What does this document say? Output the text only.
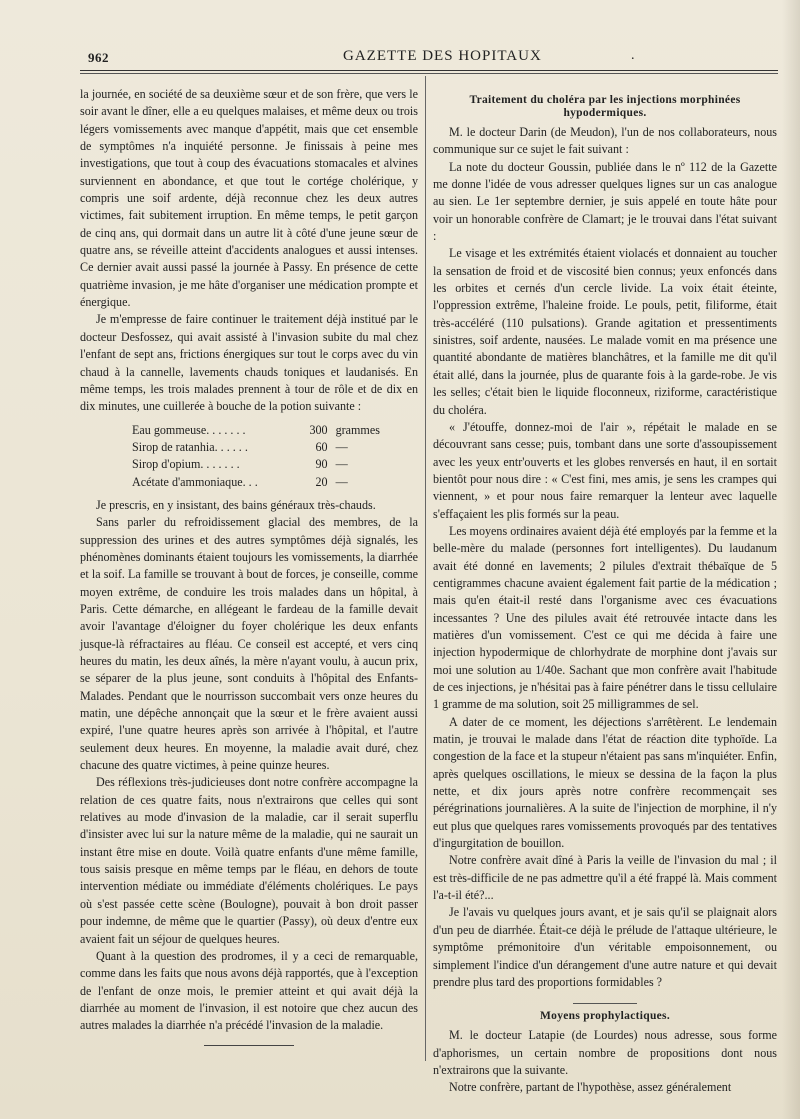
962	GAZETTE DES HOPITAUX	.

la journée, en société de sa deuxième sœur et de son frère, que vers le soir avant le dîner, elle a eu quelques malaises, et même deux ou trois légers vomissements avec manque d'appétit, mais que cet ensemble de symptômes n'a inquiété personne. Je finissais à peine mes investigations, que tout à coup des évacuations stomacales et alvines surviennent en abondance, et que tout le cortége cholérique, y compris une soif ardente, déjà reconnue chez les deux autres victimes, fait subitement irruption. En même temps, le petit garçon de cinq ans, qui dormait dans un autre lit à côté d'une jeune sœur de quatre ans, se réveille atteint d'accidents analogues et aussi intenses. Ce dernier avait aussi passé la journée à Passy. En présence de cette quatrième invasion, je me hâte d'organiser une médication prompte et énergique.

Je m'empresse de faire continuer le traitement déjà institué par le docteur Desfossez, qui avait assisté à l'invasion subite du mal chez l'enfant de sept ans, frictions énergiques sur tout le corps avec du vin chaud à la cannelle, lavements chauds toniques et laudanisés. En même temps, les trois malades prennent à tour de rôle et de dix en dix minutes, une cuillerée à bouche de la potion suivante :

Eau gommeuse. . . . . . .	300 grammes
Sirop de ratanhia. . . . . .	60 —
Sirop d'opium. . . . . . .	90 —
Acétate d'ammoniaque. . .	20 —

Je prescris, en y insistant, des bains généraux très-chauds.

Sans parler du refroidissement glacial des membres, de la suppression des urines et des autres symptômes déjà signalés, les phénomènes dominants étaient toujours les vomissements, la diarrhée et la soif. La famille se trouvant à bout de forces, je conseille, comme moyen extrême, de conduire les trois malades dans un hôpital, à Paris. Cette démarche, en allégeant le fardeau de la famille devait avoir l'avantage d'éloigner du foyer cholérique les deux enfants jusque-là réfractaires au fléau. Ce conseil est accepté, et vers cinq heures du matin, les deux aînés, la mère n'ayant voulu, à aucun prix, se séparer de la plus jeune, sont conduits à l'hôpital des Enfants-Malades. Pendant que le nourrisson succombait vers onze heures du matin, une dépêche annonçait que la sœur et le frère avaient aussi expiré, l'une quatre heures après son arrivée à l'hôpital, et l'autre seulement deux heures. En moyenne, la maladie avait duré, chez chacune des quatre victimes, à peine quinze heures.

Des réflexions très-judicieuses dont notre confrère accompagne la relation de ces quatre faits, nous n'extrairons que celles qui sont relatives au mode d'invasion de la maladie, car il serait superflu d'insister avec lui sur la nature même de la maladie, qui ne saurait un instant être mise en doute. Voilà quatre enfants d'une même famille, tous saisis presque en même temps par le fléau, en dehors de toute intervention médiate ou immédiate d'éléments cholériques. Le pays où s'est passée cette scène (Boulogne), pouvait à bon droit passer pour indemne, de même que le quartier (Passy), où deux d'entre eux avaient fait un séjour de quelques heures.

Quant à la question des prodromes, il y a ceci de remarquable, comme dans les faits que nous avons déjà rapportés, que à l'exception de l'enfant de onze mois, le premier atteint et qui avait déjà la diarrhée au moment de l'invasion, il est notoire que chez aucun des autres malades la diarrhée n'a précédé l'invasion de la maladie.

Traitement du choléra par les injections morphinées hypodermiques.

M. le docteur Darin (de Meudon), l'un de nos collaborateurs, nous communique sur ce sujet le fait suivant :

La note du docteur Goussin, publiée dans le nº 112 de la Gazette me donne l'idée de vous adresser quelques lignes sur un cas analogue au sien. Le 1er septembre dernier, je suis appelé en toute hâte pour voir un honorable confrère de Clamart; je le trouvai dans l'état suivant :

Le visage et les extrémités étaient violacés et donnaient au toucher la sensation de froid et de viscosité bien connus; yeux enfoncés dans les orbites et cernés d'un cercle livide. La voix était éteinte, l'oppression extrême, l'haleine froide. Le pouls, petit, filiforme, était très-accéléré (110 pulsations). Grande agitation et pressentiments sinistres, soif ardente, nausées. Le malade vomit en ma présence une quantité abondante de matières blanchâtres, et la famille me dit qu'il était allé, dans la journée, plus de quarante fois à la garde-robe. Je vis les selles; c'était bien le liquide floconneux, riziforme, caractéristique du choléra.

« J'étouffe, donnez-moi de l'air », répétait le malade en se découvrant sans cesse; puis, tombant dans une sorte d'assoupissement avec les yeux entr'ouverts et les globes renversés en haut, il en sortait bientôt pour nous dire : « C'est fini, mes amis, je sens les crampes qui viennent, » et pour nous faire remarquer la lenteur avec laquelle s'effaçaient les plis formés sur la peau.

Les moyens ordinaires avaient déjà été employés par la femme et la belle-mère du malade (personnes fort intelligentes). Du laudanum avait été donné en lavements; 2 pilules d'extrait thébaïque de 5 centigrammes chacune avaient également fait partie de la médication ; mais qu'en était-il resté dans l'organisme avec ces évacuations incessantes ? Une des pilules avait été retrouvée intacte dans les matières d'un vomissement. C'est ce qui me décida à faire une injection hypodermique de chlorhydrate de morphine dont j'avais sur moi une solution au 1/40e. Sachant que mon confrère avait l'habitude de ces injections, je n'hésitai pas à faire pénétrer dans le tissu cellulaire 1 gramme de ma solution, soit 25 milligrammes de sel.

A dater de ce moment, les déjections s'arrêtèrent. Le lendemain matin, je trouvai le malade dans l'état de réaction dite typhoïde. La congestion de la face et la stupeur n'étaient pas sans m'inquiéter. Enfin, après quelques oscillations, le mieux se dessina de la façon la plus nette, et dix jours après notre confrère recommençait ses pérégrinations journalières. A la suite de l'injection de morphine, il n'y eut plus que quelques rares vomissements provoqués par des tentatives d'ingurgitation de bouillon.

Notre confrère avait dîné à Paris la veille de l'invasion du mal ; il est très-difficile de ne pas admettre qu'il a été frappé là. Mais comment l'a-t-il été?...

Je l'avais vu quelques jours avant, et je sais qu'il se plaignait alors d'un peu de diarrhée. Était-ce déjà le prélude de l'attaque ultérieure, le symptôme prémonitoire d'un véritable empoisonnement, ou simplement l'indice d'un dérangement d'une autre nature et qui devait prendre plus tard des proportions formidables ?

Moyens prophylactiques.

M. le docteur Latapie (de Lourdes) nous adresse, sous forme d'aphorismes, un certain nombre de propositions dont nous n'extrairons que la suivante.

Notre confrère, partant de l'hypothèse, assez généralement
